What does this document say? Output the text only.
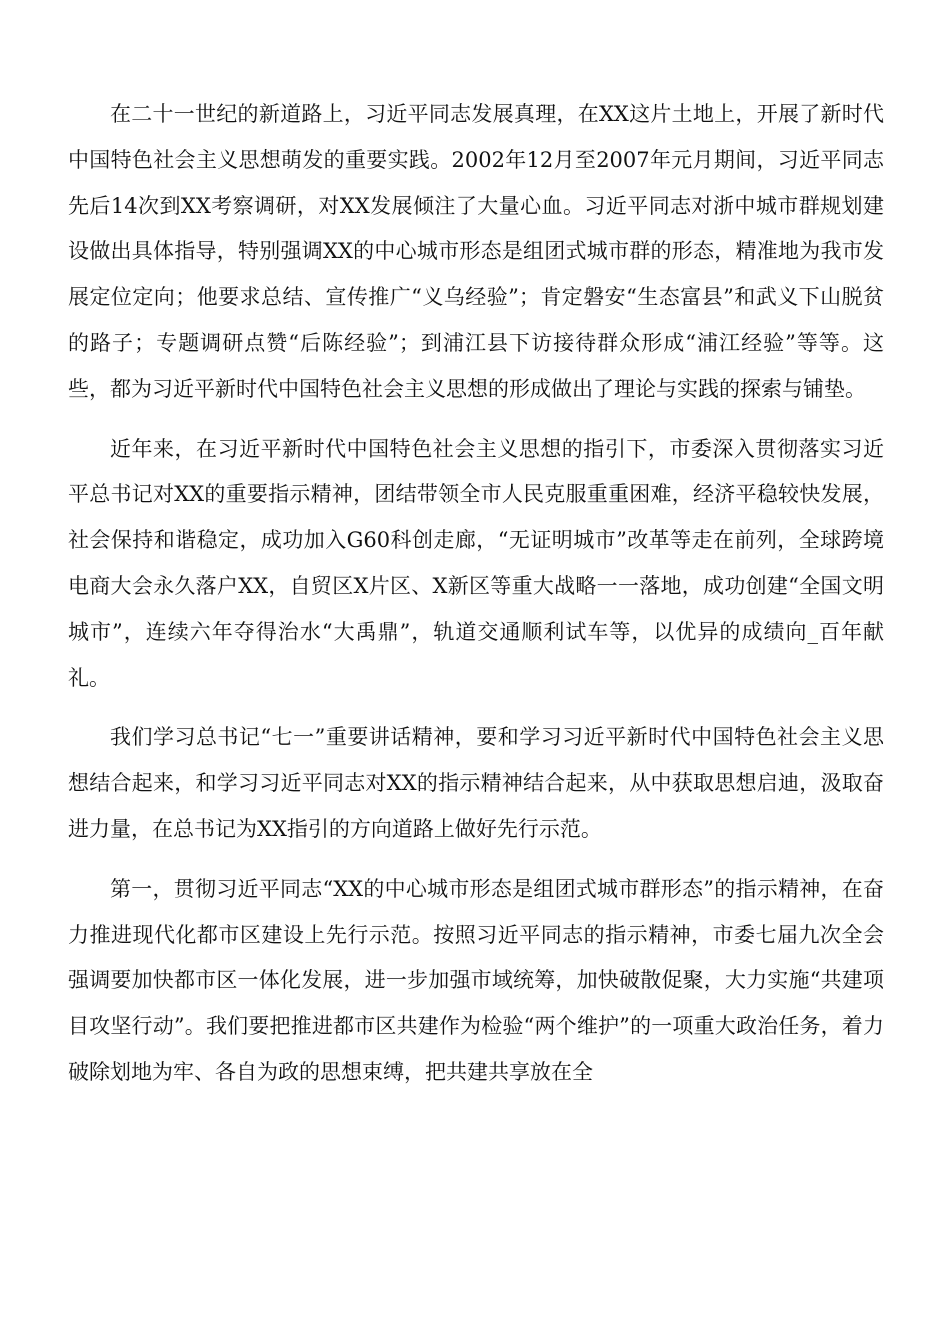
在二十一世纪的新道路上，习近平同志发展真理，在XX这片土地上，开展了新时代中国特色社会主义思想萌发的重要实践。2002年12月至2007年元月期间，习近平同志先后14次到XX考察调研，对XX发展倾注了大量心血。习近平同志对浙中城市群规划建设做出具体指导，特别强调XX的中心城市形态是组团式城市群的形态，精准地为我市发展定位定向；他要求总结、宣传推广“义乌经验”；肯定磐安“生态富县”和武义下山脱贫的路子；专题调研点赞“后陈经验”；到浦江县下访接待群众形成“浦江经验”等等。这些，都为习近平新时代中国特色社会主义思想的形成做出了理论与实践的探索与铺垫。

近年来，在习近平新时代中国特色社会主义思想的指引下，市委深入贯彻落实习近平总书记对XX的重要指示精神，团结带领全市人民克服重重困难，经济平稳较快发展，社会保持和谐稳定，成功加入G60科创走廊，“无证明城市”改革等走在前列，全球跨境电商大会永久落户XX，自贸区X片区、X新区等重大战略一一落地，成功创建“全国文明城市”，连续六年夺得治水“大禹鼎”，轨道交通顺利试车等，以优异的成绩向_百年献礼。

我们学习总书记“七一”重要讲话精神，要和学习习近平新时代中国特色社会主义思想结合起来，和学习习近平同志对XX的指示精神结合起来，从中获取思想启迪，汲取奋进力量，在总书记为XX指引的方向道路上做好先行示范。

第一，贯彻习近平同志“XX的中心城市形态是组团式城市群形态”的指示精神，在奋力推进现代化都市区建设上先行示范。按照习近平同志的指示精神，市委七届九次全会强调要加快都市区一体化发展，进一步加强市域统筹，加快破散促聚，大力实施“共建项目攻坚行动”。我们要把推进都市区共建作为检验“两个维护”的一项重大政治任务，着力破除划地为牢、各自为政的思想束缚，把共建共享放在全
